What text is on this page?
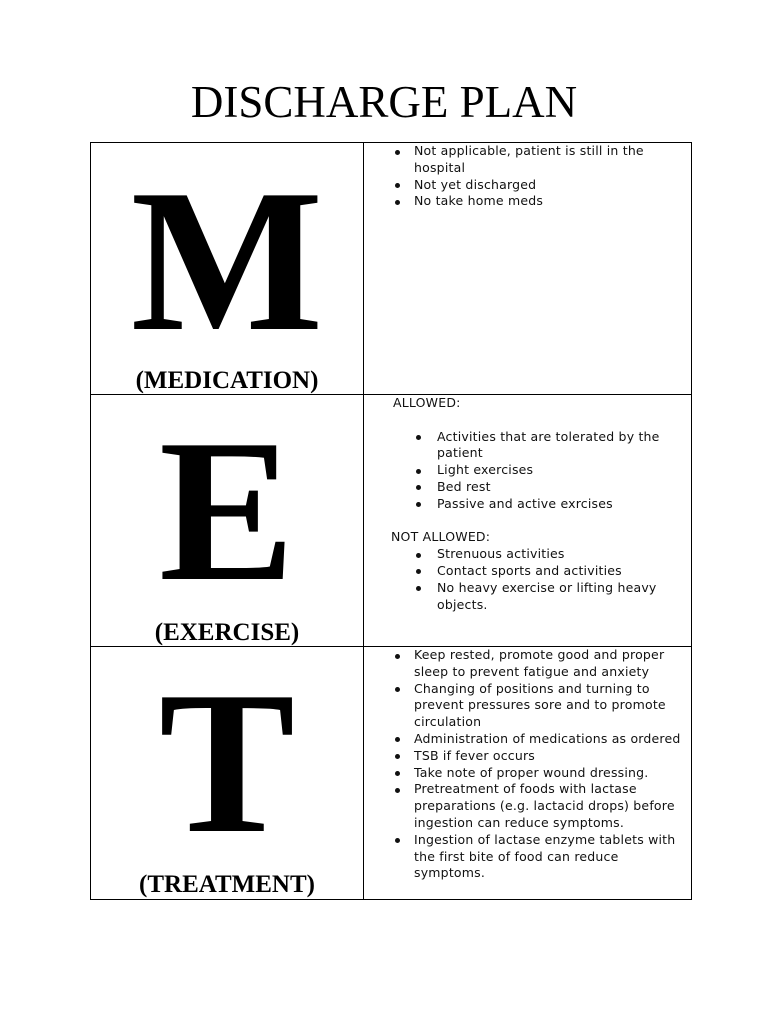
DISCHARGE PLAN
M
(MEDICATION)
Not applicable, patient is still in the
hospital
Not yet discharged
No take home meds
E
(EXERCISE)
ALLOWED:
Activities that are tolerated by the
patient
Light exercises
Bed rest
Passive and active exrcises
NOT ALLOWED:
Strenuous activities
Contact sports and activities
No heavy exercise or lifting heavy
objects.
T
(TREATMENT)
Keep rested, promote good and proper
sleep to prevent fatigue and anxiety
Changing of positions and turning to
prevent pressures sore and to promote
circulation
Administration of medications as ordered
TSB if fever occurs
Take note of proper wound dressing.
Pretreatment of foods with lactase
preparations (e.g. lactacid drops) before
ingestion can reduce symptoms.
Ingestion of lactase enzyme tablets with
the first bite of food can reduce
symptoms.
